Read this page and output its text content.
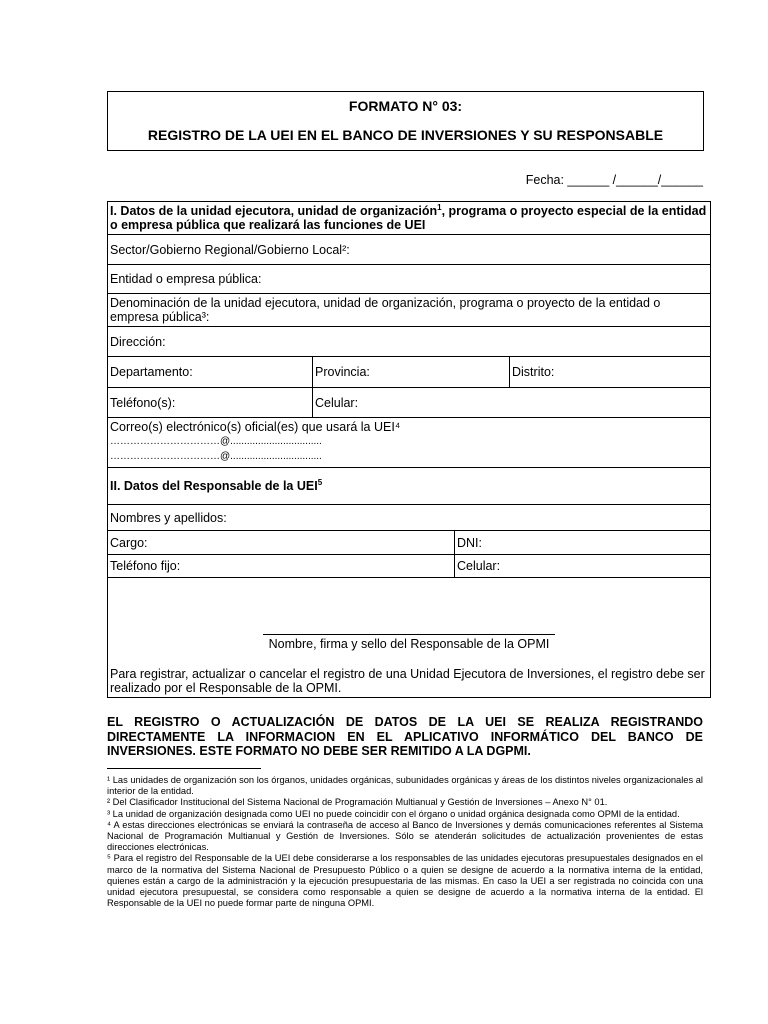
FORMATO N° 03:
REGISTRO DE LA UEI EN EL BANCO DE INVERSIONES Y SU RESPONSABLE
Fecha: ______ /______/______
I. Datos de la unidad ejecutora, unidad de organización$^1$, programa o proyecto especial de la entidad o empresa pública que realizará las funciones de UEI			
Sector/Gobierno Regional/Gobierno Local²:			
Entidad o empresa pública:			
Denominación de la unidad ejecutora, unidad de organización, programa o proyecto de la entidad o empresa pública³:			
Dirección:			
Departamento:	Provincia:		Distrito:
Teléfono(s):	Celular:		

Correo(s) electrónico(s) oficial(es) que usará la UEI⁴
……………………………@.................................
……………………………@.................................			

II. Datos del Responsable de la UEI$^5$
Nombres y apellidos:			
Cargo:		DNI:	
Teléfono fijo:		Celular:	

Nombre, firma y sello del Responsable de la OPMI
Para registrar, actualizar o cancelar el registro de una Unidad Ejecutora de Inversiones, el registro debe ser realizado por el Responsable de la OPMI.			
EL REGISTRO O ACTUALIZACIÓN DE DATOS DE LA UEI SE REALIZA REGISTRANDO DIRECTAMENTE LA INFORMACION EN EL APLICATIVO INFORMÁTICO DEL BANCO DE INVERSIONES. ESTE FORMATO NO DEBE SER REMITIDO A LA DGPMI.

¹ Las unidades de organización son los órganos, unidades orgánicas, subunidades orgánicas y áreas de los distintos niveles organizacionales al interior de la entidad.

² Del Clasificador Institucional del Sistema Nacional de Programación Multianual y Gestión de Inversiones – Anexo N° 01.

³ La unidad de organización designada como UEI no puede coincidir con el órgano o unidad orgánica designada como OPMI de la entidad.

⁴ A estas direcciones electrónicas se enviará la contraseña de acceso al Banco de Inversiones y demás comunicaciones referentes al Sistema Nacional de Programación Multianual y Gestión de Inversiones. Sólo se atenderán solicitudes de actualización provenientes de estas direcciones electrónicas.

⁵ Para el registro del Responsable de la UEI debe considerarse a los responsables de las unidades ejecutoras presupuestales designados en el marco de la normativa del Sistema Nacional de Presupuesto Público o a quien se designe de acuerdo a la normativa interna de la entidad, quienes están a cargo de la administración y la ejecución presupuestaria de las mismas. En caso la UEI a ser registrada no coincida con una unidad ejecutora presupuestal, se considera como responsable a quien se designe de acuerdo a la normativa interna de la entidad. El Responsable de la UEI no puede formar parte de ninguna OPMI.
